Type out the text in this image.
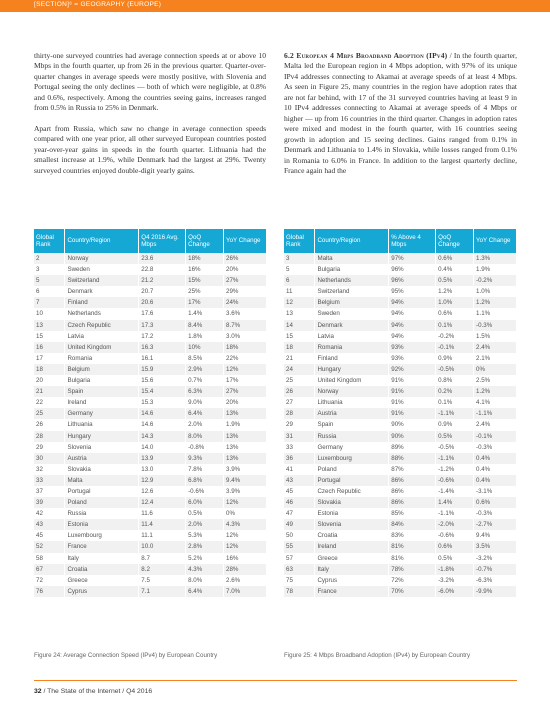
[SECTION]⁶ = GEOGRAPHY (EUROPE)

thirty-one surveyed countries had average connection speeds at or above 10 Mbps in the fourth quarter, up from 26 in the previous quarter. Quarter-over-quarter changes in average speeds were mostly positive, with Slovenia and Portugal seeing the only declines — both of which were negligible, at 0.8% and 0.6%, respectively. Among the countries seeing gains, increases ranged from 0.5% in Russia to 25% in Denmark.

Apart from Russia, which saw no change in average connection speeds compared with one year prior, all other surveyed European countries posted year-over-year gains in speeds in the fourth quarter. Lithuania had the smallest increase at 1.9%, while Denmark had the largest at 29%. Twenty surveyed countries enjoyed double-digit yearly gains.

6.2 European 4 Mbps Broadband Adoption (IPv4) / In the fourth quarter, Malta led the European region in 4 Mbps adoption, with 97% of its unique IPv4 addresses connecting to Akamai at average speeds of at least 4 Mbps. As seen in Figure 25, many countries in the region have adoption rates that are not far behind, with 17 of the 31 surveyed countries having at least 9 in 10 IPv4 addresses connecting to Akamai at average speeds of 4 Mbps or higher — up from 16 countries in the third quarter. Changes in adoption rates were mixed and modest in the fourth quarter, with 16 countries seeing growth in adoption and 15 seeing declines. Gains ranged from 0.1% in Denmark and Lithuania to 1.4% in Slovakia, while losses ranged from 0.1% in Romania to 6.0% in France. In addition to the largest quarterly decline, France again had the

Global Rank	Country/Region	Q4 2016 Avg. Mbps	QoQ Change	YoY Change
2	Norway	23.6	18%	26%
3	Sweden	22.8	16%	20%
5	Switzerland	21.2	15%	27%
6	Denmark	20.7	25%	29%
7	Finland	20.6	17%	24%
10	Netherlands	17.6	1.4%	3.6%
13	Czech Republic	17.3	8.4%	8.7%
15	Latvia	17.2	1.8%	3.0%
16	United Kingdom	16.3	10%	18%
17	Romania	16.1	8.5%	22%
18	Belgium	15.9	2.9%	12%
20	Bulgaria	15.6	0.7%	17%
21	Spain	15.4	6.3%	27%
22	Ireland	15.3	9.0%	20%
25	Germany	14.6	6.4%	13%
26	Lithuania	14.6	2.0%	1.9%
28	Hungary	14.3	8.0%	13%
29	Slovenia	14.0	-0.8%	13%
30	Austria	13.9	9.3%	13%
32	Slovakia	13.0	7.8%	3.9%
33	Malta	12.9	6.8%	9.4%
37	Portugal	12.6	-0.6%	3.9%
39	Poland	12.4	6.0%	12%
42	Russia	11.6	0.5%	0%
43	Estonia	11.4	2.0%	4.3%
45	Luxembourg	11.1	5.3%	12%
52	France	10.0	2.8%	12%
58	Italy	8.7	5.2%	16%
67	Croatia	8.2	4.3%	28%
72	Greece	7.5	8.0%	2.6%
76	Cyprus	7.1	6.4%	7.0%
Figure 24: Average Connection Speed (IPv4) by European Country
Global Rank	Country/Region	% Above 4 Mbps	QoQ Change	YoY Change
3	Malta	97%	0.6%	1.3%
5	Bulgaria	96%	0.4%	1.9%
6	Netherlands	96%	0.5%	-0.2%
11	Switzerland	95%	1.2%	1.0%
12	Belgium	94%	1.0%	1.2%
13	Sweden	94%	0.6%	1.1%
14	Denmark	94%	0.1%	-0.3%
15	Latvia	94%	-0.2%	1.5%
18	Romania	93%	-0.1%	2.4%
21	Finland	93%	0.9%	2.1%
24	Hungary	92%	-0.5%	0%
25	United Kingdom	91%	0.8%	2.5%
26	Norway	91%	0.2%	1.2%
27	Lithuania	91%	0.1%	4.1%
28	Austria	91%	-1.1%	-1.1%
29	Spain	90%	0.9%	2.4%
31	Russia	90%	0.5%	-0.1%
33	Germany	89%	-0.5%	-0.3%
36	Luxembourg	88%	-1.1%	0.4%
41	Poland	87%	-1.2%	0.4%
43	Portugal	86%	-0.6%	0.4%
45	Czech Republic	86%	-1.4%	-3.1%
46	Slovakia	86%	1.4%	0.6%
47	Estonia	85%	-1.1%	-0.3%
49	Slovenia	84%	-2.0%	-2.7%
50	Croatia	83%	-0.6%	9.4%
55	Ireland	81%	0.6%	3.5%
57	Greece	81%	0.5%	-3.2%
63	Italy	78%	-1.8%	-0.7%
75	Cyprus	72%	-3.2%	-6.3%
78	France	70%	-6.0%	-9.9%
Figure 25: 4 Mbps Broadband Adoption (IPv4) by European Country
32 / The State of the Internet / Q4 2016
